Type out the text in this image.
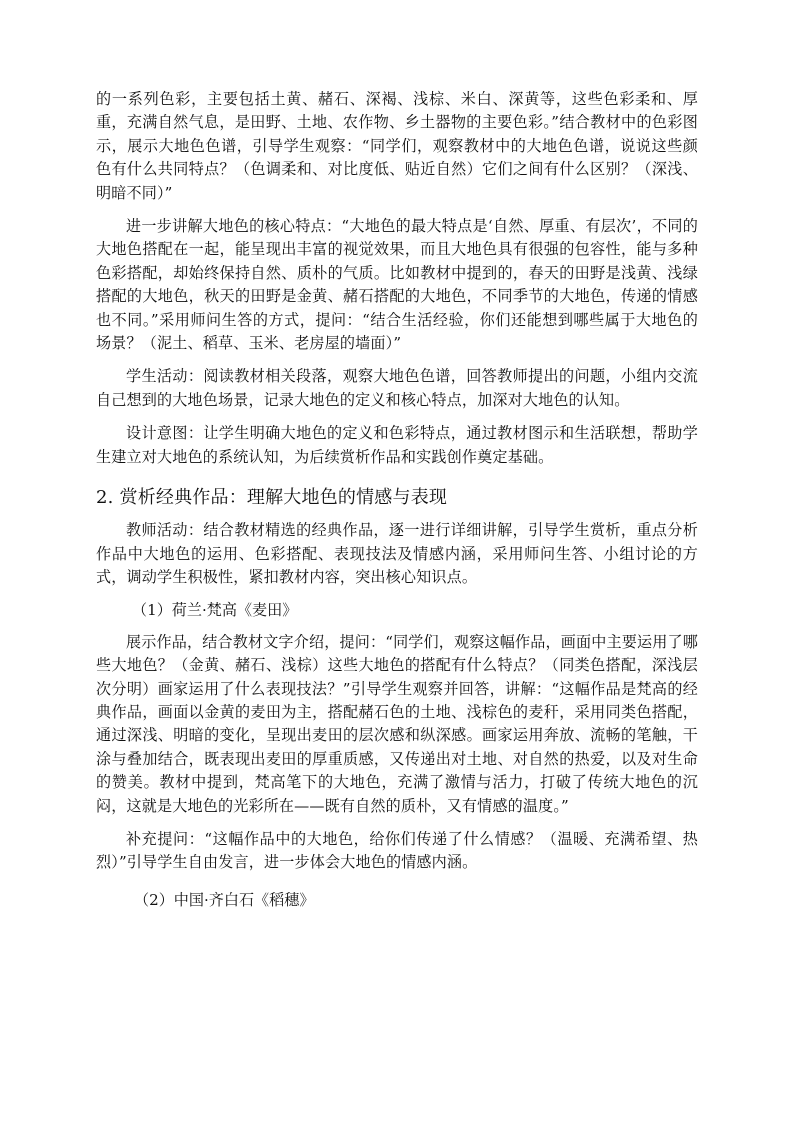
的一系列色彩，主要包括土黄、赭石、深褐、浅棕、米白、深黄等，这些色彩柔和、厚重，充满自然气息，是田野、土地、农作物、乡土器物的主要色彩。”结合教材中的色彩图示，展示大地色色谱，引导学生观察：“同学们，观察教材中的大地色色谱，说说这些颜色有什么共同特点？（色调柔和、对比度低、贴近自然）它们之间有什么区别？（深浅、明暗不同）”

进一步讲解大地色的核心特点：“大地色的最大特点是‘自然、厚重、有层次’，不同的大地色搭配在一起，能呈现出丰富的视觉效果，而且大地色具有很强的包容性，能与多种色彩搭配，却始终保持自然、质朴的气质。比如教材中提到的，春天的田野是浅黄、浅绿搭配的大地色，秋天的田野是金黄、赭石搭配的大地色，不同季节的大地色，传递的情感也不同。”采用师问生答的方式，提问：“结合生活经验，你们还能想到哪些属于大地色的场景？（泥土、稻草、玉米、老房屋的墙面）”

学生活动：阅读教材相关段落，观察大地色色谱，回答教师提出的问题，小组内交流自己想到的大地色场景，记录大地色的定义和核心特点，加深对大地色的认知。

设计意图：让学生明确大地色的定义和色彩特点，通过教材图示和生活联想，帮助学生建立对大地色的系统认知，为后续赏析作品和实践创作奠定基础。

2. 赏析经典作品：理解大地色的情感与表现

教师活动：结合教材精选的经典作品，逐一进行详细讲解，引导学生赏析，重点分析作品中大地色的运用、色彩搭配、表现技法及情感内涵，采用师问生答、小组讨论的方式，调动学生积极性，紧扣教材内容，突出核心知识点。

（1）荷兰·梵高《麦田》

展示作品，结合教材文字介绍，提问：“同学们，观察这幅作品，画面中主要运用了哪些大地色？（金黄、赭石、浅棕）这些大地色的搭配有什么特点？（同类色搭配，深浅层次分明）画家运用了什么表现技法？”引导学生观察并回答，讲解：“这幅作品是梵高的经典作品，画面以金黄的麦田为主，搭配赭石色的土地、浅棕色的麦秆，采用同类色搭配，通过深浅、明暗的变化，呈现出麦田的层次感和纵深感。画家运用奔放、流畅的笔触，干涂与叠加结合，既表现出麦田的厚重质感，又传递出对土地、对自然的热爱，以及对生命的赞美。教材中提到，梵高笔下的大地色，充满了激情与活力，打破了传统大地色的沉闷，这就是大地色的光彩所在——既有自然的质朴，又有情感的温度。”

补充提问：“这幅作品中的大地色，给你们传递了什么情感？（温暖、充满希望、热烈）”引导学生自由发言，进一步体会大地色的情感内涵。

（2）中国·齐白石《稻穗》
